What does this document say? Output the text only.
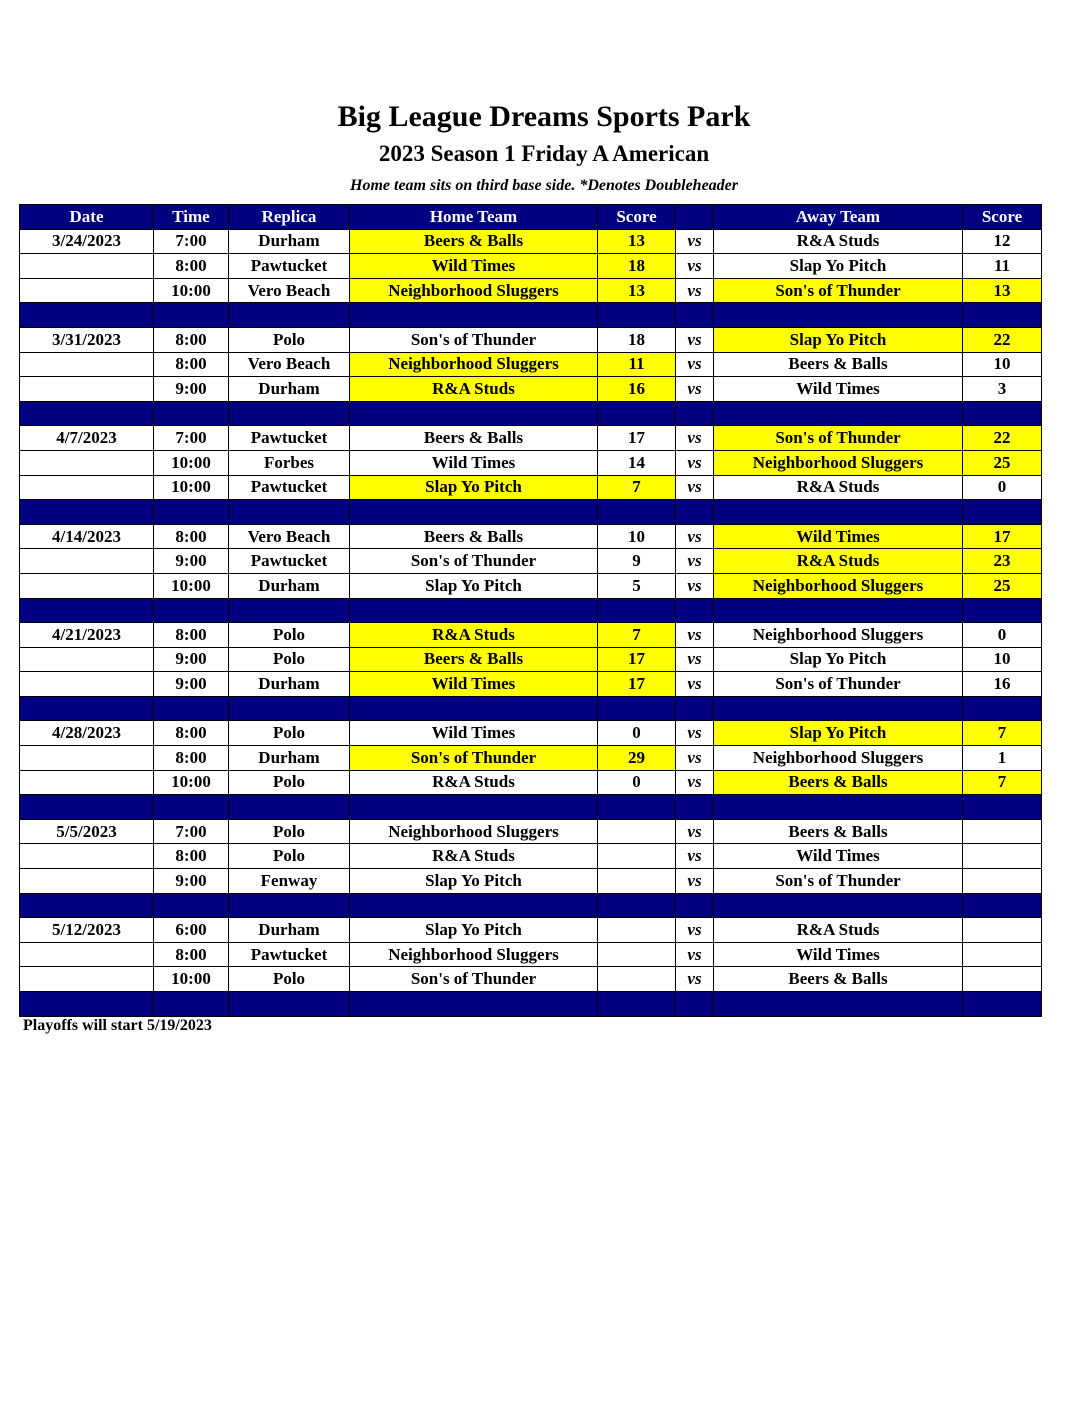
Big League Dreams Sports Park
2023 Season 1 Friday A American
Home team sits on third base side. *Denotes Doubleheader
Date	Time	Replica	Home Team	Score		Away Team	Score
3/24/2023	7:00	Durham	Beers & Balls	13	vs	R&A Studs	12
	8:00	Pawtucket	Wild Times	18	vs	Slap Yo Pitch	11
	10:00	Vero Beach	Neighborhood Sluggers	13	vs	Son's of Thunder	13

3/31/2023	8:00	Polo	Son's of Thunder	18	vs	Slap Yo Pitch	22
	8:00	Vero Beach	Neighborhood Sluggers	11	vs	Beers & Balls	10
	9:00	Durham	R&A Studs	16	vs	Wild Times	3

4/7/2023	7:00	Pawtucket	Beers & Balls	17	vs	Son's of Thunder	22
	10:00	Forbes	Wild Times	14	vs	Neighborhood Sluggers	25
	10:00	Pawtucket	Slap Yo Pitch	7	vs	R&A Studs	0

4/14/2023	8:00	Vero Beach	Beers & Balls	10	vs	Wild Times	17
	9:00	Pawtucket	Son's of Thunder	9	vs	R&A Studs	23
	10:00	Durham	Slap Yo Pitch	5	vs	Neighborhood Sluggers	25

4/21/2023	8:00	Polo	R&A Studs	7	vs	Neighborhood Sluggers	0
	9:00	Polo	Beers & Balls	17	vs	Slap Yo Pitch	10
	9:00	Durham	Wild Times	17	vs	Son's of Thunder	16

4/28/2023	8:00	Polo	Wild Times	0	vs	Slap Yo Pitch	7
	8:00	Durham	Son's of Thunder	29	vs	Neighborhood Sluggers	1
	10:00	Polo	R&A Studs	0	vs	Beers & Balls	7

5/5/2023	7:00	Polo	Neighborhood Sluggers		vs	Beers & Balls	
	8:00	Polo	R&A Studs		vs	Wild Times	
	9:00	Fenway	Slap Yo Pitch		vs	Son's of Thunder	

5/12/2023	6:00	Durham	Slap Yo Pitch		vs	R&A Studs	
	8:00	Pawtucket	Neighborhood Sluggers		vs	Wild Times	
	10:00	Polo	Son's of Thunder		vs	Beers & Balls	

Playoffs will start 5/19/2023
